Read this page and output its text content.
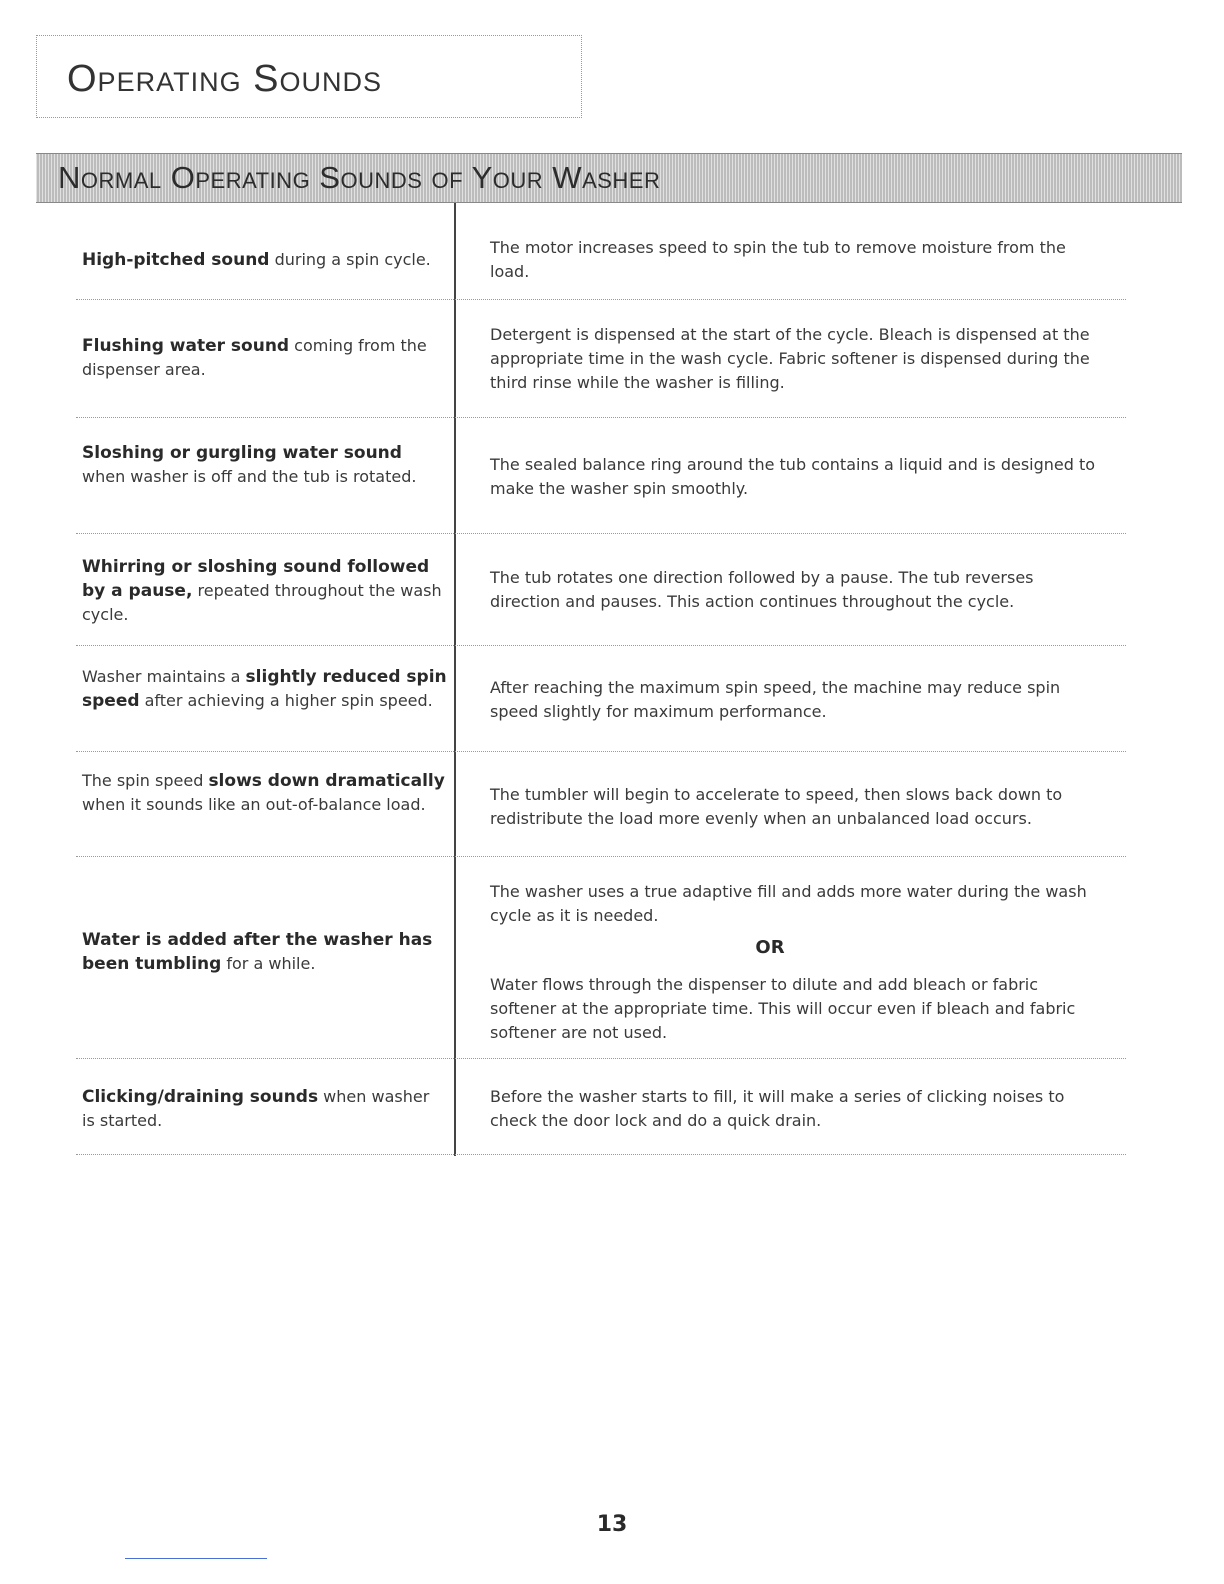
Operating Sounds
Normal Operating Sounds of Your Washer

High-pitched sound during a spin cycle.

The motor increases speed to spin the tub to remove moisture from the load.

Flushing water sound coming from the dispenser area.

Detergent is dispensed at the start of the cycle. Bleach is dispensed at the appropriate time in the wash cycle. Fabric softener is dispensed during the third rinse while the washer is filling.

Sloshing or gurgling water sound when washer is off and the tub is rotated.

The sealed balance ring around the tub contains a liquid and is designed to make the washer spin smoothly.

Whirring or sloshing sound followed by a pause, repeated throughout the wash cycle.

The tub rotates one direction followed by a pause. The tub reverses direction and pauses. This action continues throughout the cycle.

Washer maintains a slightly reduced spin speed after achieving a higher spin speed.

After reaching the maximum spin speed, the machine may reduce spin speed slightly for maximum performance.

The spin speed slows down dramatically when it sounds like an out-of-balance load.

The tumbler will begin to accelerate to speed, then slows back down to redistribute the load more evenly when an unbalanced load occurs.

Water is added after the washer has been tumbling for a while.

The washer uses a true adaptive fill and adds more water during the wash cycle as it is needed.

OR

Water flows through the dispenser to dilute and add bleach or fabric softener at the appropriate time. This will occur even if bleach and fabric softener are not used.

Clicking/draining sounds when washer is started.

Before the washer starts to fill, it will make a series of clicking noises to check the door lock and do a quick drain.

13
